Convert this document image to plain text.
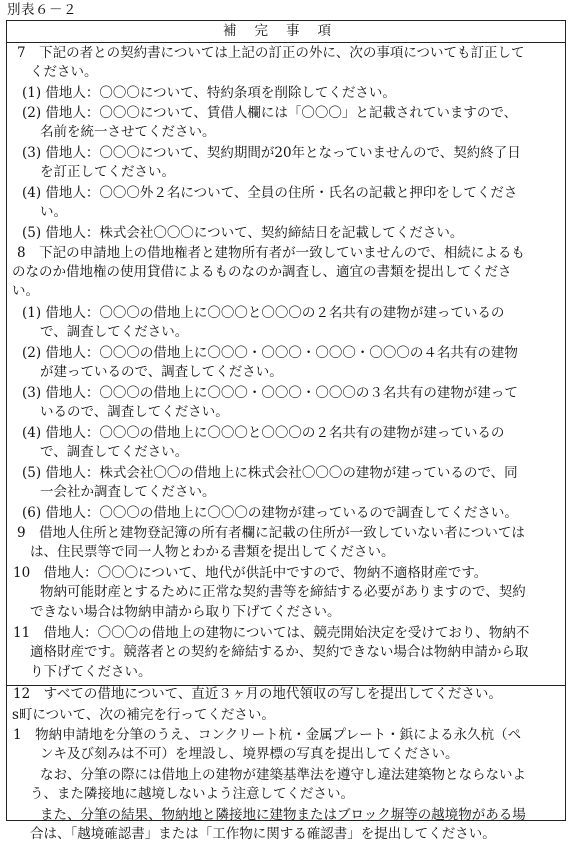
別表６－２
補完事項
7　下記の者との契約書については上記の訂正の外に、次の事項についても訂正して
ください。
(1) 借地人：〇〇〇について、特約条項を削除してください。
(2) 借地人：〇〇〇について、賃借人欄には「〇〇〇」と記載されていますので、
名前を統一させてください。
(3) 借地人：〇〇〇について、契約期間が20年となっていませんので、契約終了日
を訂正してください。
(4) 借地人：〇〇〇外２名について、全員の住所・氏名の記載と押印をしてくださ
い。
(5) 借地人：株式会社〇〇〇について、契約締結日を記載してください。
8　下記の申請地上の借地権者と建物所有者が一致していませんので、相続によるも
のなのか借地権の使用貸借によるものなのか調査し、適宜の書類を提出してくださ
い。
(1) 借地人：〇〇〇の借地上に〇〇〇と〇〇〇の２名共有の建物が建っているの
で、調査してください。
(2) 借地人：〇〇〇の借地上に〇〇〇・〇〇〇・〇〇〇・〇〇〇の４名共有の建物
が建っているので、調査してください。
(3) 借地人：〇〇〇の借地上に〇〇〇・〇〇〇・〇〇〇の３名共有の建物が建って
いるので、調査してください。
(4) 借地人：〇〇〇の借地上に〇〇〇と〇〇〇の２名共有の建物が建っているの
で、調査してください。
(5) 借地人：株式会社〇〇の借地上に株式会社〇〇〇の建物が建っているので、同
一会社か調査してください。
(6) 借地人：〇〇〇の借地上に〇〇〇の建物が建っているので調査してください。
9　借地人住所と建物登記簿の所有者欄に記載の住所が一致していない者については
は、住民票等で同一人物とわかる書類を提出してください。
10　借地人：〇〇〇について、地代が供託中ですので、物納不適格財産です。
物納可能財産とするために正常な契約書等を締結する必要がありますので、契約
できない場合は物納申請から取り下げてください。
11　借地人：〇〇〇の借地上の建物については、競売開始決定を受けており、物納不
適格財産です。競落者との契約を締結するか、契約できない場合は物納申請から取
り下げてください。
12　すべての借地について、直近３ヶ月の地代領収の写しを提出してください。
s町について、次の補完を行ってください。
1　物納申請地を分筆のうえ、コンクリート杭・金属プレート・鋲による永久杭（ペ
ンキ及び刻みは不可）を埋設し、境界標の写真を提出してください。
なお、分筆の際には借地上の建物が建築基準法を遵守し違法建築物とならないよ
う、また隣接地に越境しないよう注意してください。
また、分筆の結果、物納地と隣接地に建物またはブロック塀等の越境物がある場
合は、「越境確認書」または「工作物に関する確認書」を提出してください。
